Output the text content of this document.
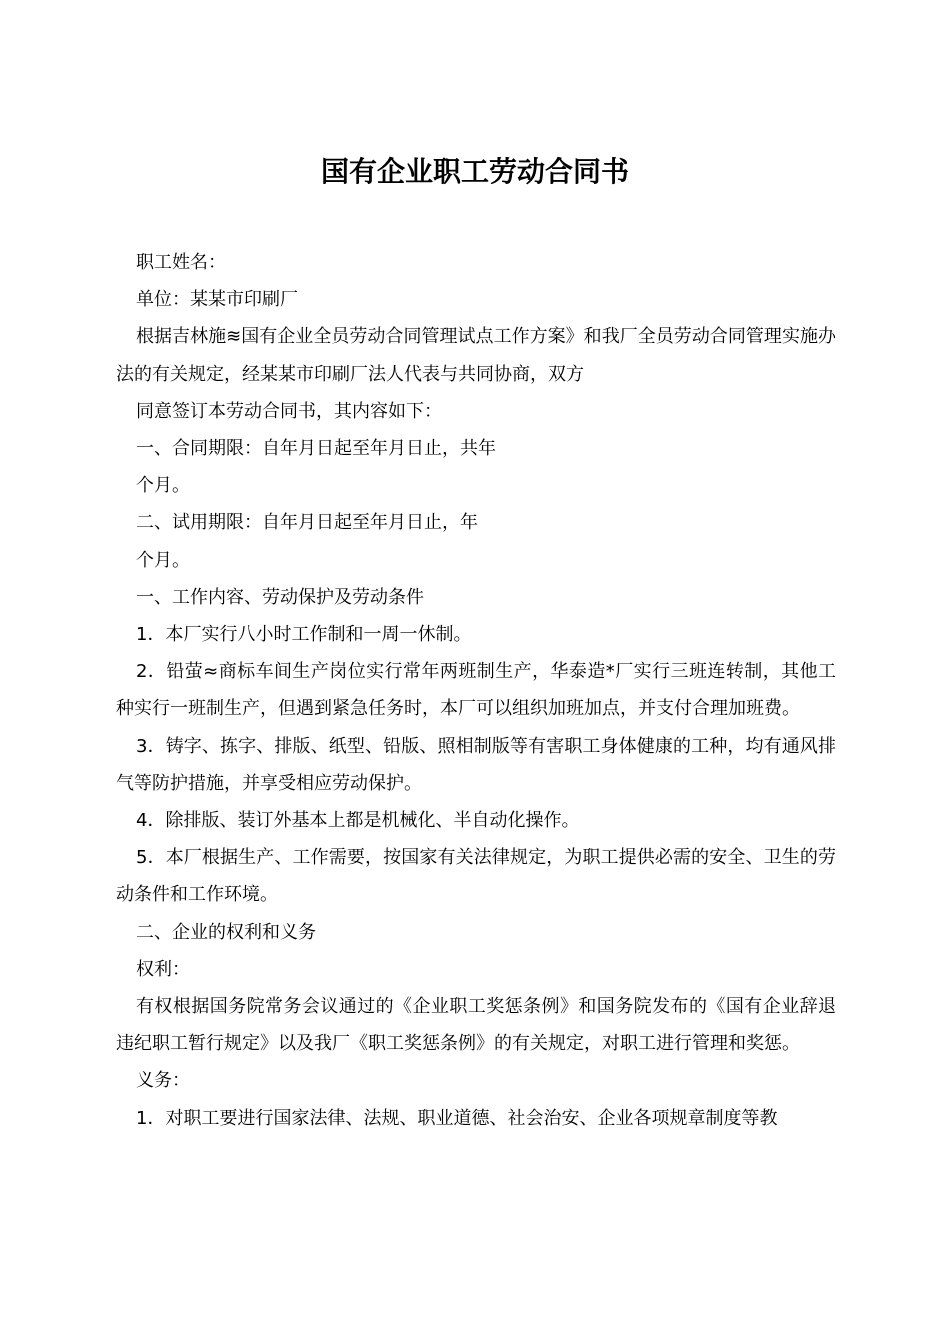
国有企业职工劳动合同书

职工姓名：

单位：某某市印刷厂

根据吉林施≋国有企业全员劳动合同管理试点工作方案》和我厂全员劳动合同管理实施办法的有关规定，经某某市印刷厂法人代表与共同协商，双方

同意签订本劳动合同书，其内容如下：

一、合同期限：自年月日起至年月日止，共年

个月。

二、试用期限：自年月日起至年月日止，年

个月。

一、工作内容、劳动保护及劳动条件

1．本厂实行八小时工作制和一周一休制。

2．铅萤≈商标车间生产岗位实行常年两班制生产，华泰造*厂实行三班连转制，其他工种实行一班制生产，但遇到紧急任务时，本厂可以组织加班加点，并支付合理加班费。

3．铸字、拣字、排版、纸型、铅版、照相制版等有害职工身体健康的工种，均有通风排气等防护措施，并享受相应劳动保护。

4．除排版、装订外基本上都是机械化、半自动化操作。

5．本厂根据生产、工作需要，按国家有关法律规定，为职工提供必需的安全、卫生的劳动条件和工作环境。

二、企业的权利和义务

权利：

有权根据国务院常务会议通过的《企业职工奖惩条例》和国务院发布的《国有企业辞退违纪职工暂行规定》以及我厂《职工奖惩条例》的有关规定，对职工进行管理和奖惩。

义务：

1．对职工要进行国家法律、法规、职业道德、社会治安、企业各项规章制度等教
